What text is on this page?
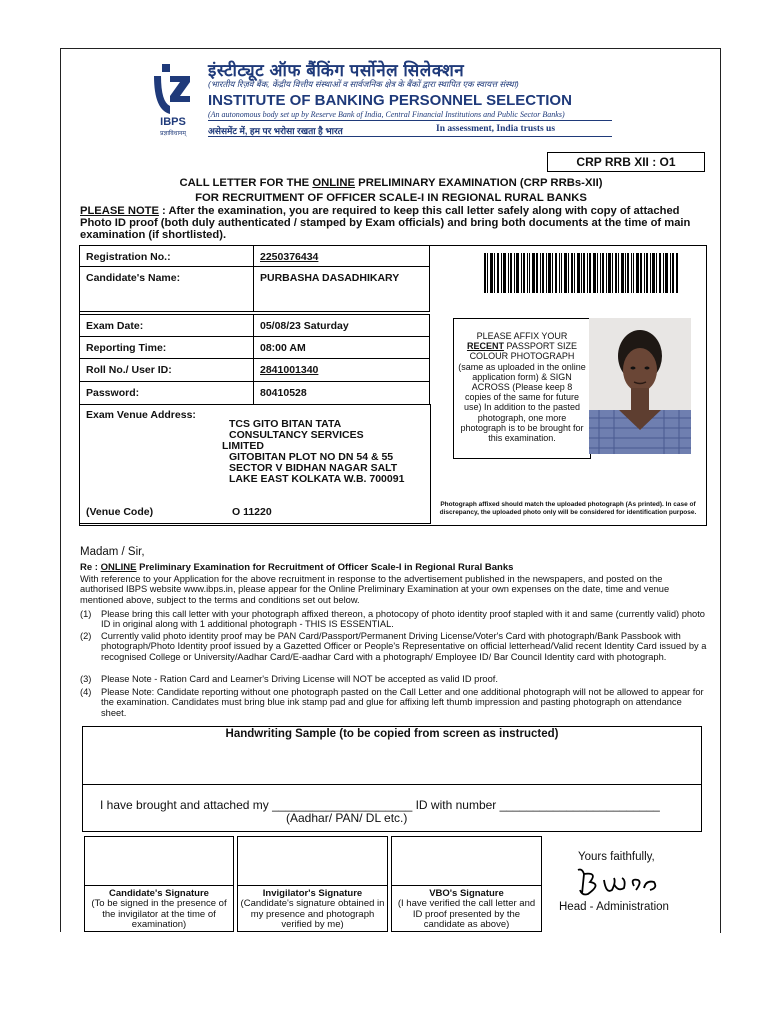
IBPS
प्रज्ञाविधानम्
इंस्टीट्यूट ऑफ बैंकिंग पर्सोनेल सिलेक्शन
(भारतीय रिज़र्व बैंक, केंद्रीय वित्तीय संस्थाओं व सार्वजनिक क्षेत्र के बैंकों द्वारा स्थापित एक स्वायत्त संस्था)
INSTITUTE OF BANKING PERSONNEL SELECTION
(An autonomous body set up by Reserve Bank of India, Central Financial Institutions and Public Sector Banks)
असेसमेंट में, हम पर भरोसा रखता है भारत	In assessment, India trusts us
CRP RRB XII : O1
CALL LETTER FOR THE ONLINE PRELIMINARY EXAMINATION (CRP RRBs-XII)
FOR RECRUITMENT OF OFFICER SCALE-I IN REGIONAL RURAL BANKS
PLEASE NOTE : After the examination, you are required to keep this call letter safely along with copy of attached Photo ID proof (both duly authenticated / stamped by Exam officials) and bring both documents at the time of main examination (if shortlisted).
Registration No.:	2250376434
Candidate's Name:	PURBASHA DASADHIKARY
Exam Date:	05/08/23 Saturday
Reporting Time:	08:00 AM
Roll No./ User ID:	2841001340
Password:	80410528
Exam Venue Address:
TCS GITO BITAN TATA
CONSULTANCY SERVICES
LIMITED
GITOBITAN PLOT NO DN 54 & 55
SECTOR V BIDHAN NAGAR SALT
LAKE EAST KOLKATA W.B. 700091
(Venue Code)	O 11220
PLEASE AFFIX YOUR
RECENT PASSPORT SIZE COLOUR PHOTOGRAPH (same as uploaded in the online application form) & SIGN ACROSS (Please keep 8 copies of the same for future use) In addition to the pasted photograph, one more photograph is to be brought for this examination.
Photograph affixed should match the uploaded photograph (As printed). In case of discrepancy, the uploaded photo only will be considered for identification purpose.
Madam / Sir,
Re : ONLINE Preliminary Examination for Recruitment of Officer Scale-I in Regional Rural Banks
With reference to your Application for the above recruitment in response to the advertisement published in the newspapers, and posted on the authorised IBPS website www.ibps.in, please appear for the Online Preliminary Examination at your own expenses on the date, time and venue mentioned above, subject to the terms and conditions set out below.
(1)	Please bring this call letter with your photograph affixed thereon, a photocopy of photo identity proof stapled with it and same (currently valid) photo ID in original along with 1 additional photograph - THIS IS ESSENTIAL.
(2)	Currently valid photo identity proof may be PAN Card/Passport/Permanent Driving License/Voter's Card with photograph/Bank Passbook with photograph/Photo Identity proof issued by a Gazetted Officer or People's Representative on official letterhead/Valid recent Identity Card issued by a recognised College or University/Aadhar Card/E-aadhar Card with a photograph/ Employee ID/ Bar Council Identity card with photograph.
(3)	Please Note - Ration Card and Learner's Driving License will NOT be accepted as valid ID proof.
(4)	Please Note: Candidate reporting without one photograph pasted on the Call Letter and one additional photograph will not be allowed to appear for the examination. Candidates must bring blue ink stamp pad and glue for affixing left thumb impression and pasting photograph on attendance sheet.
Handwriting Sample (to be copied from screen as instructed)
I have brought and attached my _____________________ ID with number ________________________
(Aadhar/ PAN/ DL etc.)
Candidate's Signature
(To be signed in the presence of the invigilator at the time of examination)
Invigilator's Signature
(Candidate's signature obtained in my presence and photograph verified by me)
VBO's Signature
(I have verified the call letter and ID proof presented by the candidate as above)
Yours faithfully,
Head - Administration
